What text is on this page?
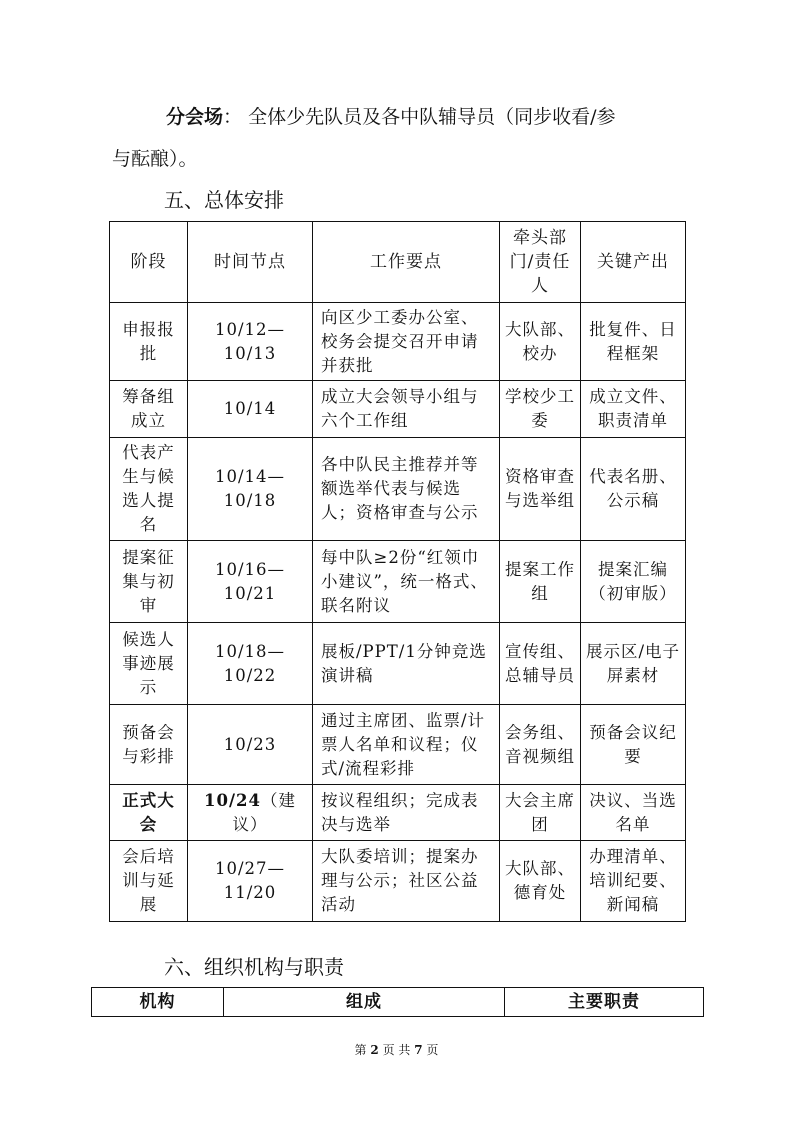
分会场： 全体少先队员及各中队辅导员（同步收看/参
与酝酿）。
五、总体安排
阶段	时间节点	工作要点	牵头部门/责任人	关键产出
申报报批	10/12—10/13	向区少工委办公室、校务会提交召开申请并获批	大队部、校办	批复件、日程框架
筹备组成立	10/14	成立大会领导小组与六个工作组	学校少工委	成立文件、职责清单
代表产生与候选人提名	10/14—10/18	各中队民主推荐并等额选举代表与候选人；资格审查与公示	资格审查与选举组	代表名册、公示稿
提案征集与初审	10/16—10/21	每中队≥2份“红领巾小建议”，统一格式、联名附议	提案工作组	提案汇编（初审版）
候选人事迹展示	10/18—10/22	展板/PPT/1分钟竞选演讲稿	宣传组、总辅导员	展示区/电子屏素材
预备会与彩排	10/23	通过主席团、监票/计票人名单和议程；仪式/流程彩排	会务组、音视频组	预备会议纪要
正式大会	10/24（建议）	按议程组织；完成表决与选举	大会主席团	决议、当选名单
会后培训与延展	10/27—11/20	大队委培训；提案办理与公示；社区公益活动	大队部、德育处	办理清单、培训纪要、新闻稿
六、组织机构与职责
机构	组成	主要职责
第 2 页 共 7 页
